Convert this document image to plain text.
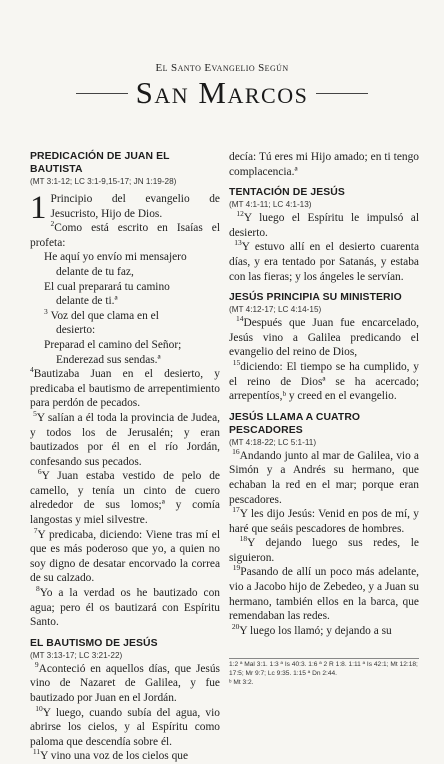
El Santo Evangelio Según
San Marcos
PREDICACIÓN DE JUAN EL BAUTISTA
(MT 3:1-12; LC 3:1-9,15-17; JN 1:19-28)

1 Principio del evangelio de Jesucristo, Hijo de Dios.

$^2$Como está escrito en Isaías el profeta:

He aquí yo envío mi mensajero
delante de tu faz,
El cual preparará tu camino
delante de ti.ª
$^3$ Voz del que clama en el
desierto:
Preparad el camino del Señor;
Enderezad sus sendas.ª

$^4$Bautizaba Juan en el desierto, y predicaba el bautismo de arrepentimiento para perdón de pecados.

$^5$Y salían a él toda la provincia de Judea, y todos los de Jerusalén; y eran bautizados por él en el río Jordán, confesando sus pecados.

$^6$Y Juan estaba vestido de pelo de camello, y tenía un cinto de cuero alrededor de sus lomos;ª y comía langostas y miel silvestre.

$^7$Y predicaba, diciendo: Viene tras mí el que es más poderoso que yo, a quien no soy digno de desatar encorvado la correa de su calzado.

$^8$Yo a la verdad os he bautizado con agua; pero él os bautizará con Espíritu Santo.

EL BAUTISMO DE JESÚS
(MT 3:13-17; LC 3:21-22)

$^9$Aconteció en aquellos días, que Jesús vino de Nazaret de Galilea, y fue bautizado por Juan en el Jordán.

$^{10}$Y luego, cuando subía del agua, vio abrirse los cielos, y al Espíritu como paloma que descendía sobre él.

$^{11}$Y vino una voz de los cielos que

decía: Tú eres mi Hijo amado; en ti tengo complacencia.ª

TENTACIÓN DE JESÚS
(MT 4:1-11; LC 4:1-13)

$^{12}$Y luego el Espíritu le impulsó al desierto.

$^{13}$Y estuvo allí en el desierto cuarenta días, y era tentado por Satanás, y estaba con las fieras; y los ángeles le servían.

JESÚS PRINCIPIA SU MINISTERIO
(MT 4:12-17; LC 4:14-15)

$^{14}$Después que Juan fue encarcelado, Jesús vino a Galilea predicando el evangelio del reino de Dios,

$^{15}$diciendo: El tiempo se ha cumplido, y el reino de Diosª se ha acercado; arrepentíos,ᵇ y creed en el evangelio.

JESÚS LLAMA A CUATRO PESCADORES
(MT 4:18-22; LC 5:1-11)

$^{16}$Andando junto al mar de Galilea, vio a Simón y a Andrés su hermano, que echaban la red en el mar; porque eran pescadores.

$^{17}$Y les dijo Jesús: Venid en pos de mí, y haré que seáis pescadores de hombres.

$^{18}$Y dejando luego sus redes, le siguieron.

$^{19}$Pasando de allí un poco más adelante, vio a Jacobo hijo de Zebedeo, y a Juan su hermano, también ellos en la barca, que remendaban las redes.

$^{20}$Y luego los llamó; y dejando a su

1:2 ª Mal 3:1. 1:3 ª Is 40:3. 1:6 ª 2 R 1:8. 1:11 ª Is 42:1; Mt 12:18; 17:5; Mr 9:7; Lc 9:35. 1:15 ª Dn 2:44.
ᵇ Mt 3:2.
